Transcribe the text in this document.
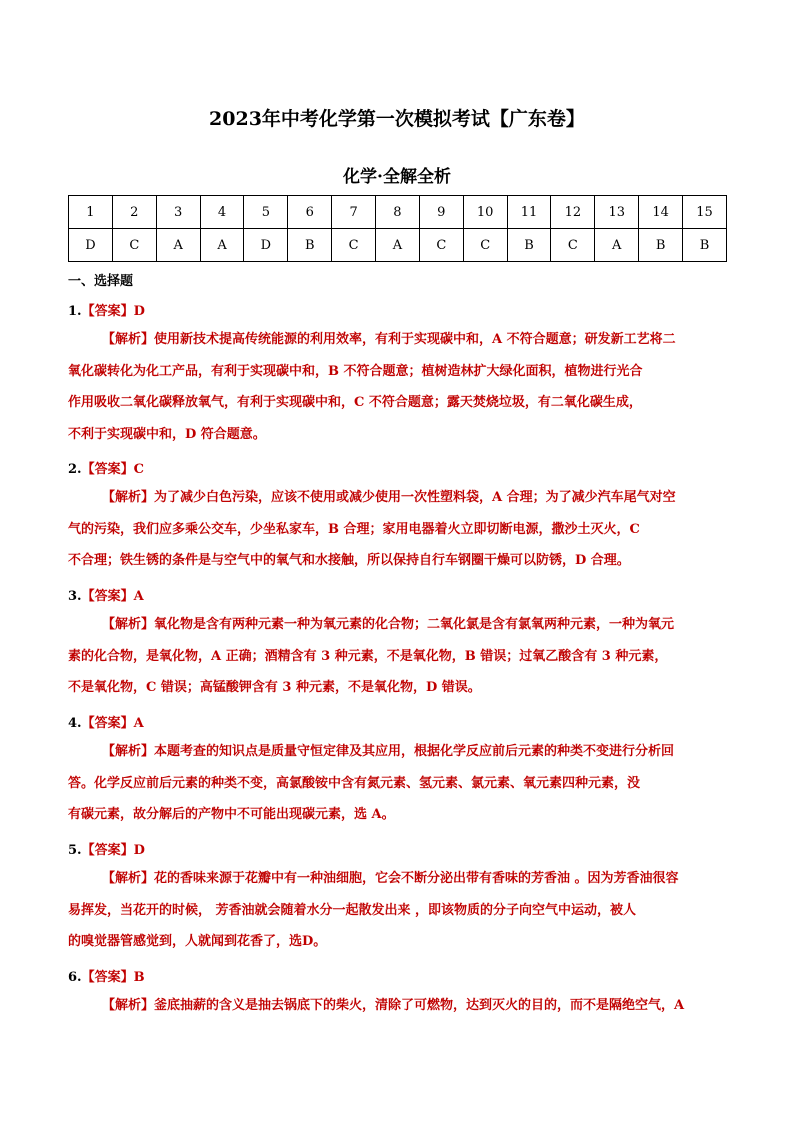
2023年中考化学第一次模拟考试【广东卷】
化学·全解全析
1	2	3	4	5	6	7	8	9	10	11	12	13	14	15
D	C	A	A	D	B	C	A	C	C	B	C	A	B	B
一、选择题
1.【答案】D
【解析】使用新技术提高传统能源的利用效率，有利于实现碳中和，A 不符合题意；研发新工艺将二
氧化碳转化为化工产品，有利于实现碳中和，B 不符合题意；植树造林扩大绿化面积，植物进行光合
作用吸收二氧化碳释放氧气，有利于实现碳中和，C 不符合题意；露天焚烧垃圾，有二氧化碳生成，
不利于实现碳中和，D 符合题意。
2.【答案】C
【解析】为了减少白色污染，应该不使用或减少使用一次性塑料袋，A 合理；为了减少汽车尾气对空
气的污染，我们应多乘公交车，少坐私家车，B 合理；家用电器着火立即切断电源，撒沙土灭火，C
不合理；铁生锈的条件是与空气中的氧气和水接触，所以保持自行车钢圈干燥可以防锈，D 合理。
3.【答案】A
【解析】氧化物是含有两种元素一种为氧元素的化合物；二氧化氯是含有氯氧两种元素，一种为氧元
素的化合物，是氧化物，A 正确；酒精含有 3 种元素，不是氧化物，B 错误；过氧乙酸含有 3 种元素，
不是氧化物，C 错误；高锰酸钾含有 3 种元素，不是氧化物，D 错误。
4.【答案】A
【解析】本题考查的知识点是质量守恒定律及其应用，根据化学反应前后元素的种类不变进行分析回
答。化学反应前后元素的种类不变，高氯酸铵中含有氮元素、氢元素、氯元素、氧元素四种元素，没
有碳元素，故分解后的产物中不可能出现碳元素，选 A。
5.【答案】D
【解析】花的香味来源于花瓣中有一种油细胞，它会不断分泌出带有香味的芳香油 。因为芳香油很容
易挥发，当花开的时候， 芳香油就会随着水分一起散发出来 ，即该物质的分子向空气中运动，被人
的嗅觉器管感觉到，人就闻到花香了，选D。
6.【答案】B
【解析】釜底抽薪的含义是抽去锅底下的柴火，清除了可燃物，达到灭火的目的，而不是隔绝空气，A
